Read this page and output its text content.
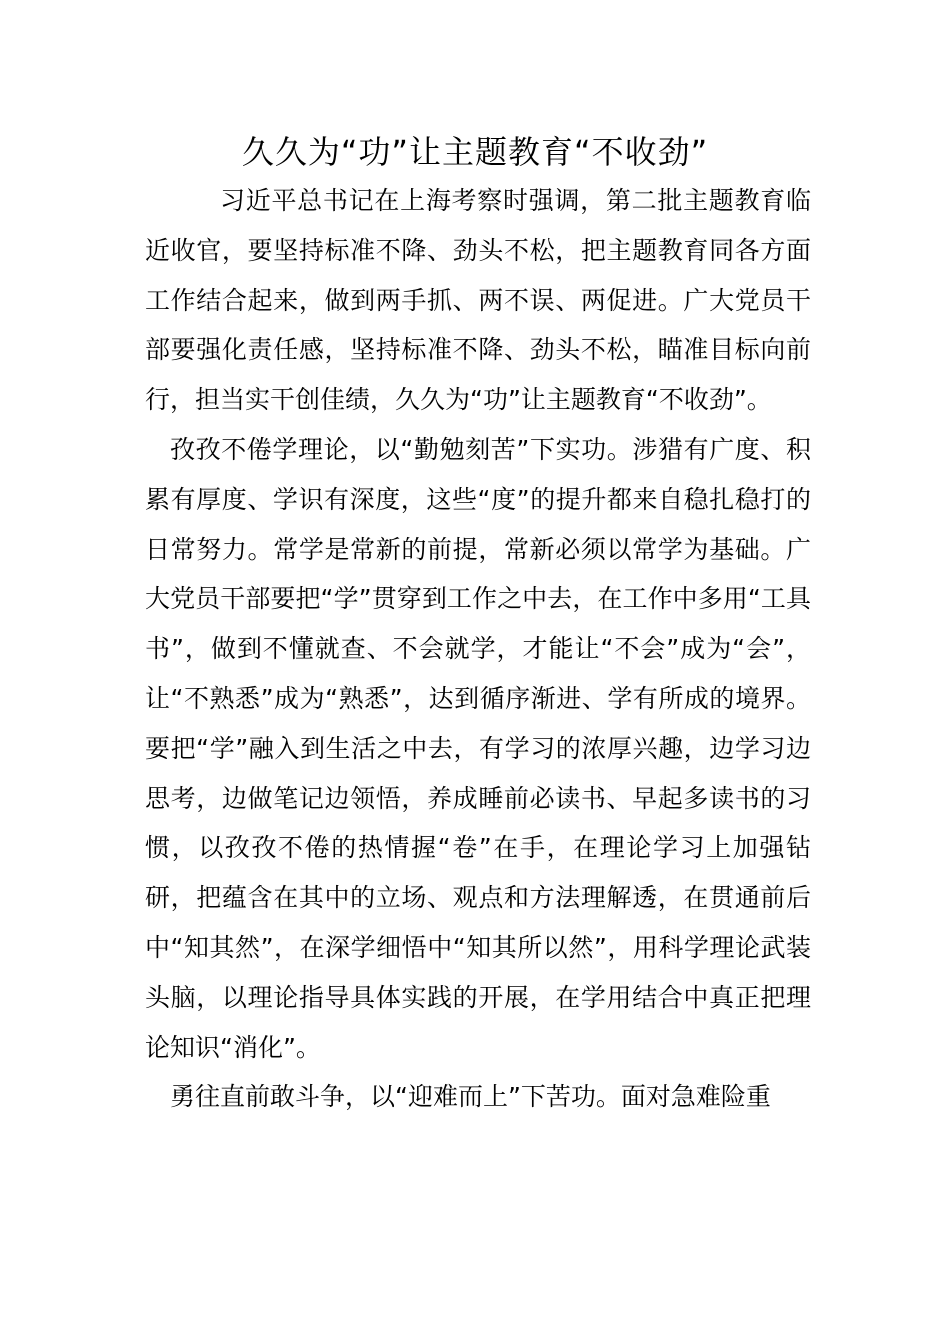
久久为“功”让主题教育“不收劲”

习近平总书记在上海考察时强调，第二批主题教育临近收官，要坚持标准不降、劲头不松，把主题教育同各方面工作结合起来，做到两手抓、两不误、两促进。广大党员干部要强化责任感，坚持标准不降、劲头不松，瞄准目标向前行，担当实干创佳绩，久久为“功”让主题教育“不收劲”。

孜孜不倦学理论，以“勤勉刻苦”下实功。涉猎有广度、积累有厚度、学识有深度，这些“度”的提升都来自稳扎稳打的日常努力。常学是常新的前提，常新必须以常学为基础。广大党员干部要把“学”贯穿到工作之中去，在工作中多用“工具书”，做到不懂就查、不会就学，才能让“不会”成为“会”，让“不熟悉”成为“熟悉”，达到循序渐进、学有所成的境界。要把“学”融入到生活之中去，有学习的浓厚兴趣，边学习边思考，边做笔记边领悟，养成睡前必读书、早起多读书的习惯，以孜孜不倦的热情握“卷”在手，在理论学习上加强钻研，把蕴含在其中的立场、观点和方法理解透，在贯通前后中“知其然”，在深学细悟中“知其所以然”，用科学理论武装头脑，以理论指导具体实践的开展，在学用结合中真正把理论知识“消化”。

勇往直前敢斗争，以“迎难而上”下苦功。面对急难险重
